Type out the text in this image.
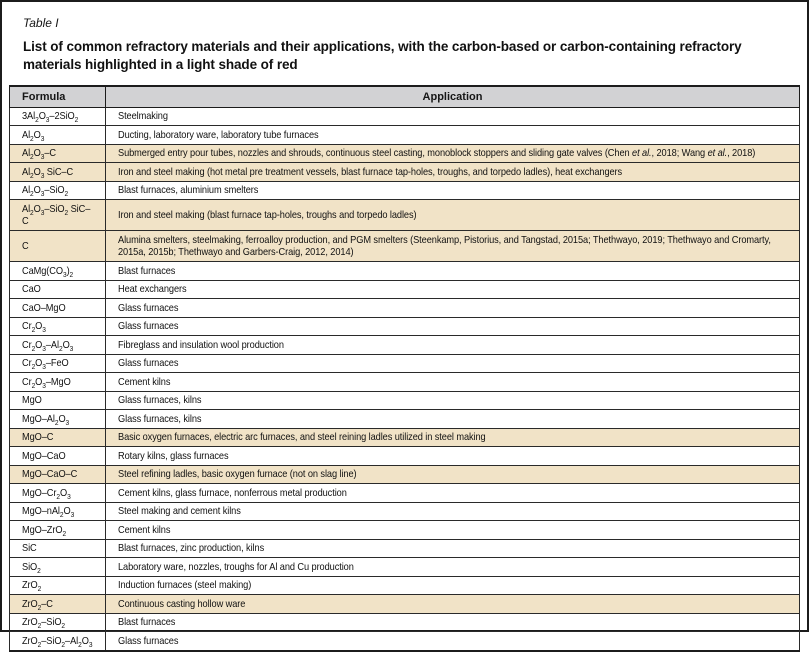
Table I
List of common refractory materials and their applications, with the carbon-based or carbon-containing refractory materials highlighted in a light shade of red
Formula	Application
$3Al_2O_3-2SiO_2$	Steelmaking
$Al_2O_3$	Ducting, laboratory ware, laboratory tube furnaces
$Al_2O_3-C$	Submerged entry pour tubes, nozzles and shrouds, continuous steel casting, monoblock stoppers and sliding gate valves (Chen et al., 2018; Wang et al., 2018)
$Al_2O_3$ SiC–C	Iron and steel making (hot metal pre treatment vessels, blast furnace tap-holes, troughs, and torpedo ladles), heat exchangers
$Al_2O_3-SiO_2$	Blast furnaces, aluminium smelters
$Al_2O_3-SiO_2$ SiC–C	Iron and steel making (blast furnace tap-holes, troughs and torpedo ladles)
C	Alumina smelters, steelmaking, ferroalloy production, and PGM smelters (Steenkamp, Pistorius, and Tangstad, 2015a; Thethwayo, 2019; Thethwayo and Cromarty, 2015a, 2015b; Thethwayo and Garbers-Craig, 2012, 2014)
$CaMg(CO_3)_2$	Blast furnaces
CaO	Heat exchangers
CaO–MgO	Glass furnaces
$Cr_2O_3$	Glass furnaces
$Cr_2O_3-Al_2O_3$	Fibreglass and insulation wool production
$Cr_2O_3$–FeO	Glass furnaces
$Cr_2O_3$–MgO	Cement kilns
MgO	Glass furnaces, kilns
MgO–$Al_2O_3$	Glass furnaces, kilns
MgO–C	Basic oxygen furnaces, electric arc furnaces, and steel reining ladles utilized in steel making
MgO–CaO	Rotary kilns, glass furnaces
MgO–CaO–C	Steel refining ladles, basic oxygen furnace (not on slag line)
MgO–$Cr_2O_3$	Cement kilns, glass furnace, nonferrous metal production
MgO–$nAl_2O_3$	Steel making and cement kilns
MgO–ZrO$_2$	Cement kilns
SiC	Blast furnaces, zinc production, kilns
SiO$_2$	Laboratory ware, nozzles, troughs for Al and Cu production
ZrO$_2$	Induction furnaces (steel making)
ZrO$_2$–C	Continuous casting hollow ware
ZrO$_2$–SiO$_2$	Blast furnaces
$ZrO_2-SiO_2-Al_2O_3$	Glass furnaces
